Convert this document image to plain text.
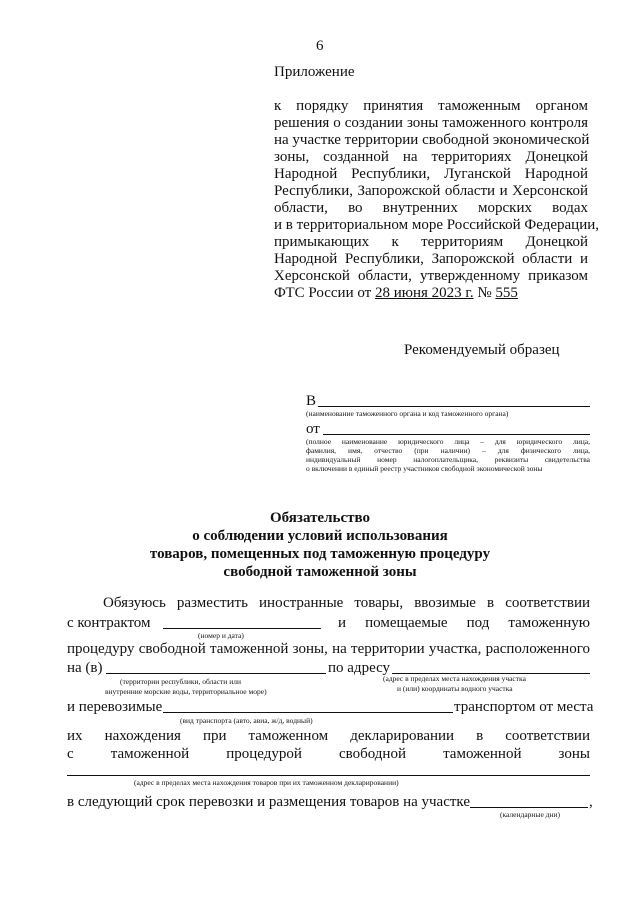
6
Приложение
к порядку принятия таможенным органом
решения о создании зоны таможенного контроля
на участке территории свободной экономической
зоны, созданной на территориях Донецкой
Народной Республики, Луганской Народной
Республики, Запорожской области и Херсонской
области, во внутренних морских водах
и в территориальном море Российской Федерации,
примыкающих к территориям Донецкой
Народной Республики, Запорожской области и
Херсонской области, утвержденному приказом
ФТС России от 28 июня 2023 г. № 555
Рекомендуемый образец
В
(наименование таможенного органа и код таможенного органа)
от
(полное наименование юридического лица – для юридического лица,
фамилия, имя, отчество (при наличии) – для физического лица,
индивидуальный номер налогоплательщика, реквизиты свидетельства
о включении в единый реестр участников свободной экономической зоны
Обязательство
о соблюдении условий использования
товаров, помещенных под таможенную процедуру
свободной таможенной зоны
Обязуюсь разместить иностранные товары, ввозимые в соответствии
с контрактом	и помещаемые под таможенную
(номер и дата)
процедуру свободной таможенной зоны, на территории участка, расположенного
на (в)	по адресу
(территории республики, области или
внутренние морские воды, территориальное море)
(адрес в пределах места нахождения участка
и (или) координаты водного участка
и перевозимые	транспортом от места
(вид транспорта (авто, авиа, ж/д, водный)
их нахождения при таможенном декларировании в соответствии
с таможенной процедурой свободной таможенной зоны
(адрес в пределах места нахождения товаров при их таможенном декларировании)
в следующий срок перевозки и размещения товаров на участке	,
(календарные дни)
